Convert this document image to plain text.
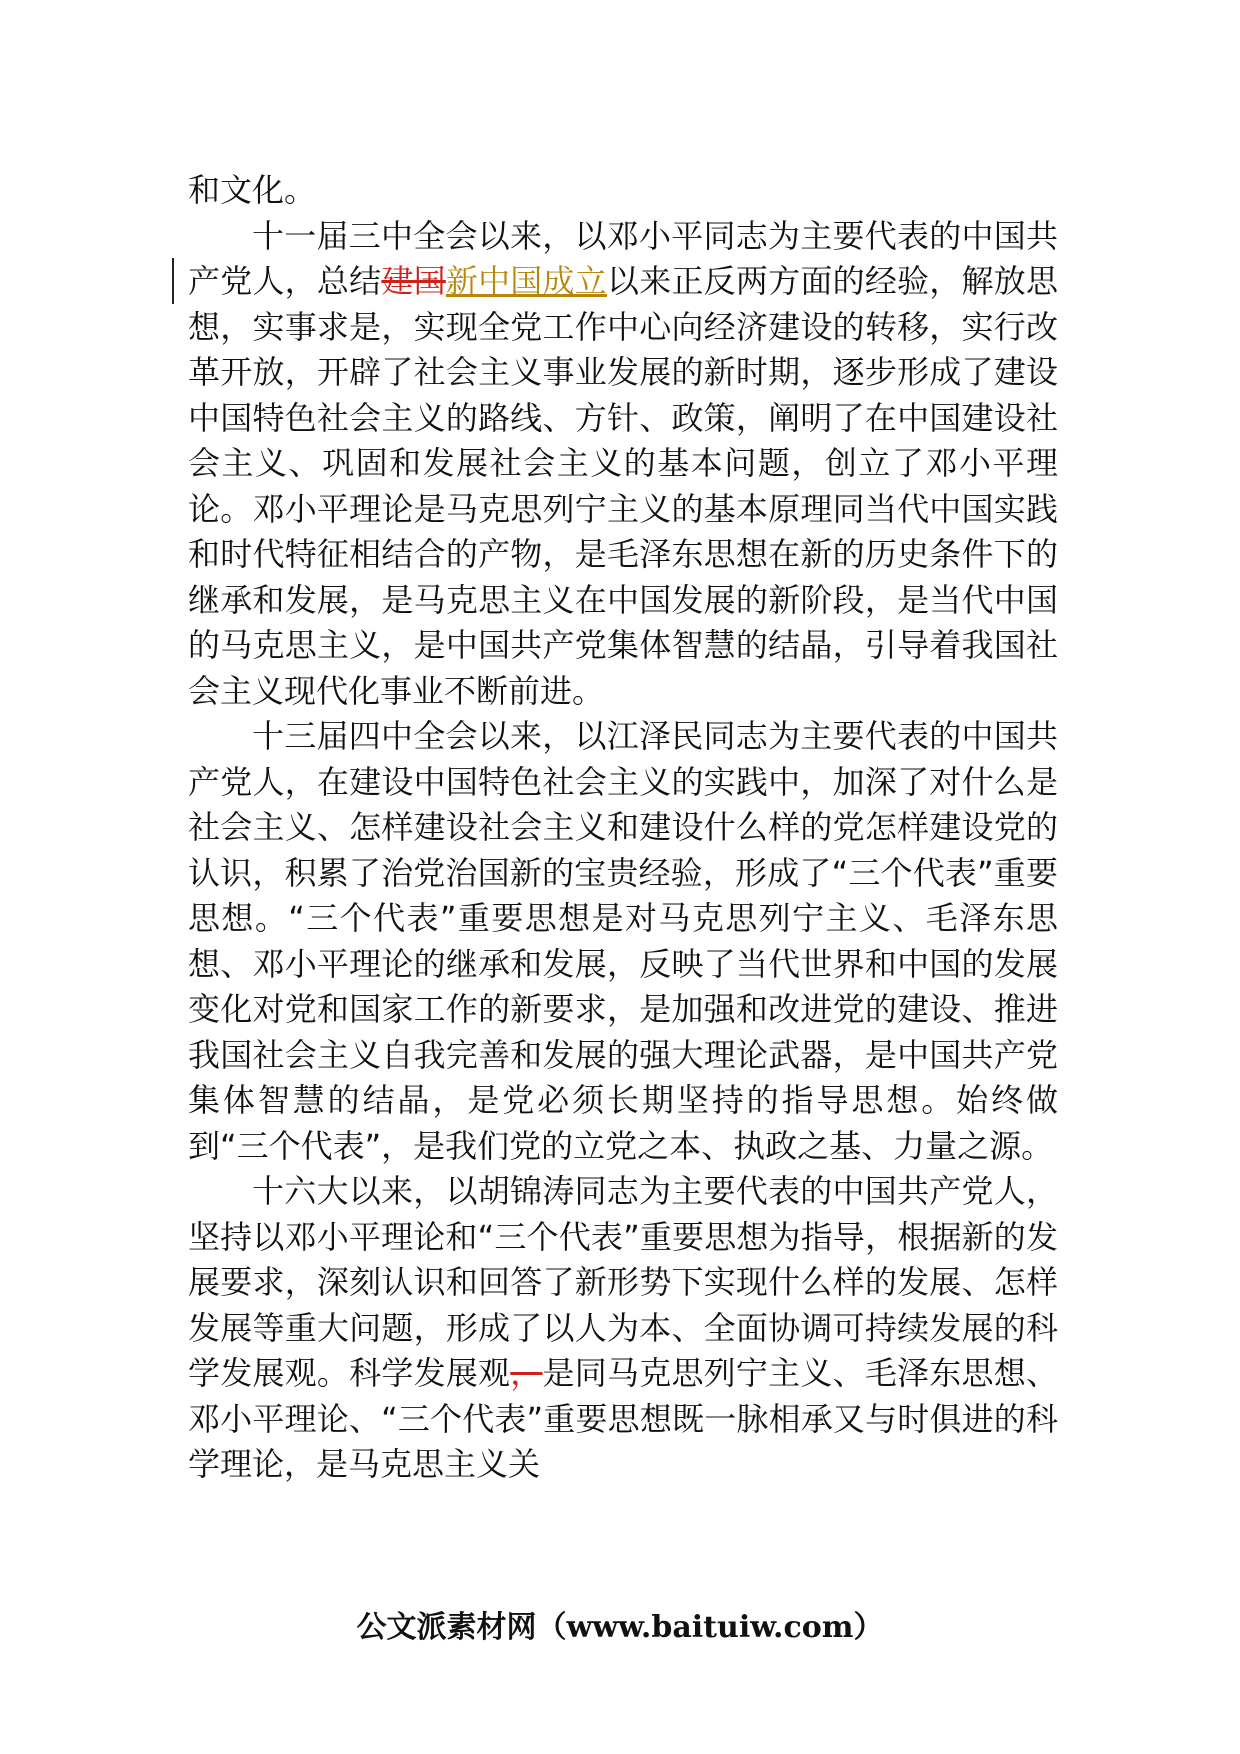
和文化。

十一届三中全会以来，以邓小平同志为主要代表的中国共产党人，总结建国新中国成立以来正反两方面的经验，解放思想，实事求是，实现全党工作中心向经济建设的转移，实行改革开放，开辟了社会主义事业发展的新时期，逐步形成了建设中国特色社会主义的路线、方针、政策，阐明了在中国建设社会主义、巩固和发展社会主义的基本问题，创立了邓小平理论。邓小平理论是马克思列宁主义的基本原理同当代中国实践和时代特征相结合的产物，是毛泽东思想在新的历史条件下的继承和发展，是马克思主义在中国发展的新阶段，是当代中国的马克思主义，是中国共产党集体智慧的结晶，引导着我国社会主义现代化事业不断前进。

十三届四中全会以来，以江泽民同志为主要代表的中国共产党人，在建设中国特色社会主义的实践中，加深了对什么是社会主义、怎样建设社会主义和建设什么样的党怎样建设党的认识，积累了治党治国新的宝贵经验，形成了“三个代表”重要思想。“三个代表”重要思想是对马克思列宁主义、毛泽东思想、邓小平理论的继承和发展，反映了当代世界和中国的发展变化对党和国家工作的新要求，是加强和改进党的建设、推进我国社会主义自我完善和发展的强大理论武器，是中国共产党集体智慧的结晶，是党必须长期坚持的指导思想。始终做到“三个代表”，是我们党的立党之本、执政之基、力量之源。

十六大以来，以胡锦涛同志为主要代表的中国共产党人，坚持以邓小平理论和“三个代表”重要思想为指导，根据新的发展要求，深刻认识和回答了新形势下实现什么样的发展、怎样发展等重大问题，形成了以人为本、全面协调可持续发展的科学发展观。科学发展观，是同马克思列宁主义、毛泽东思想、邓小平理论、“三个代表”重要思想既一脉相承又与时俱进的科学理论，是马克思主义关

公文派素材网（www.baituiw.com）
